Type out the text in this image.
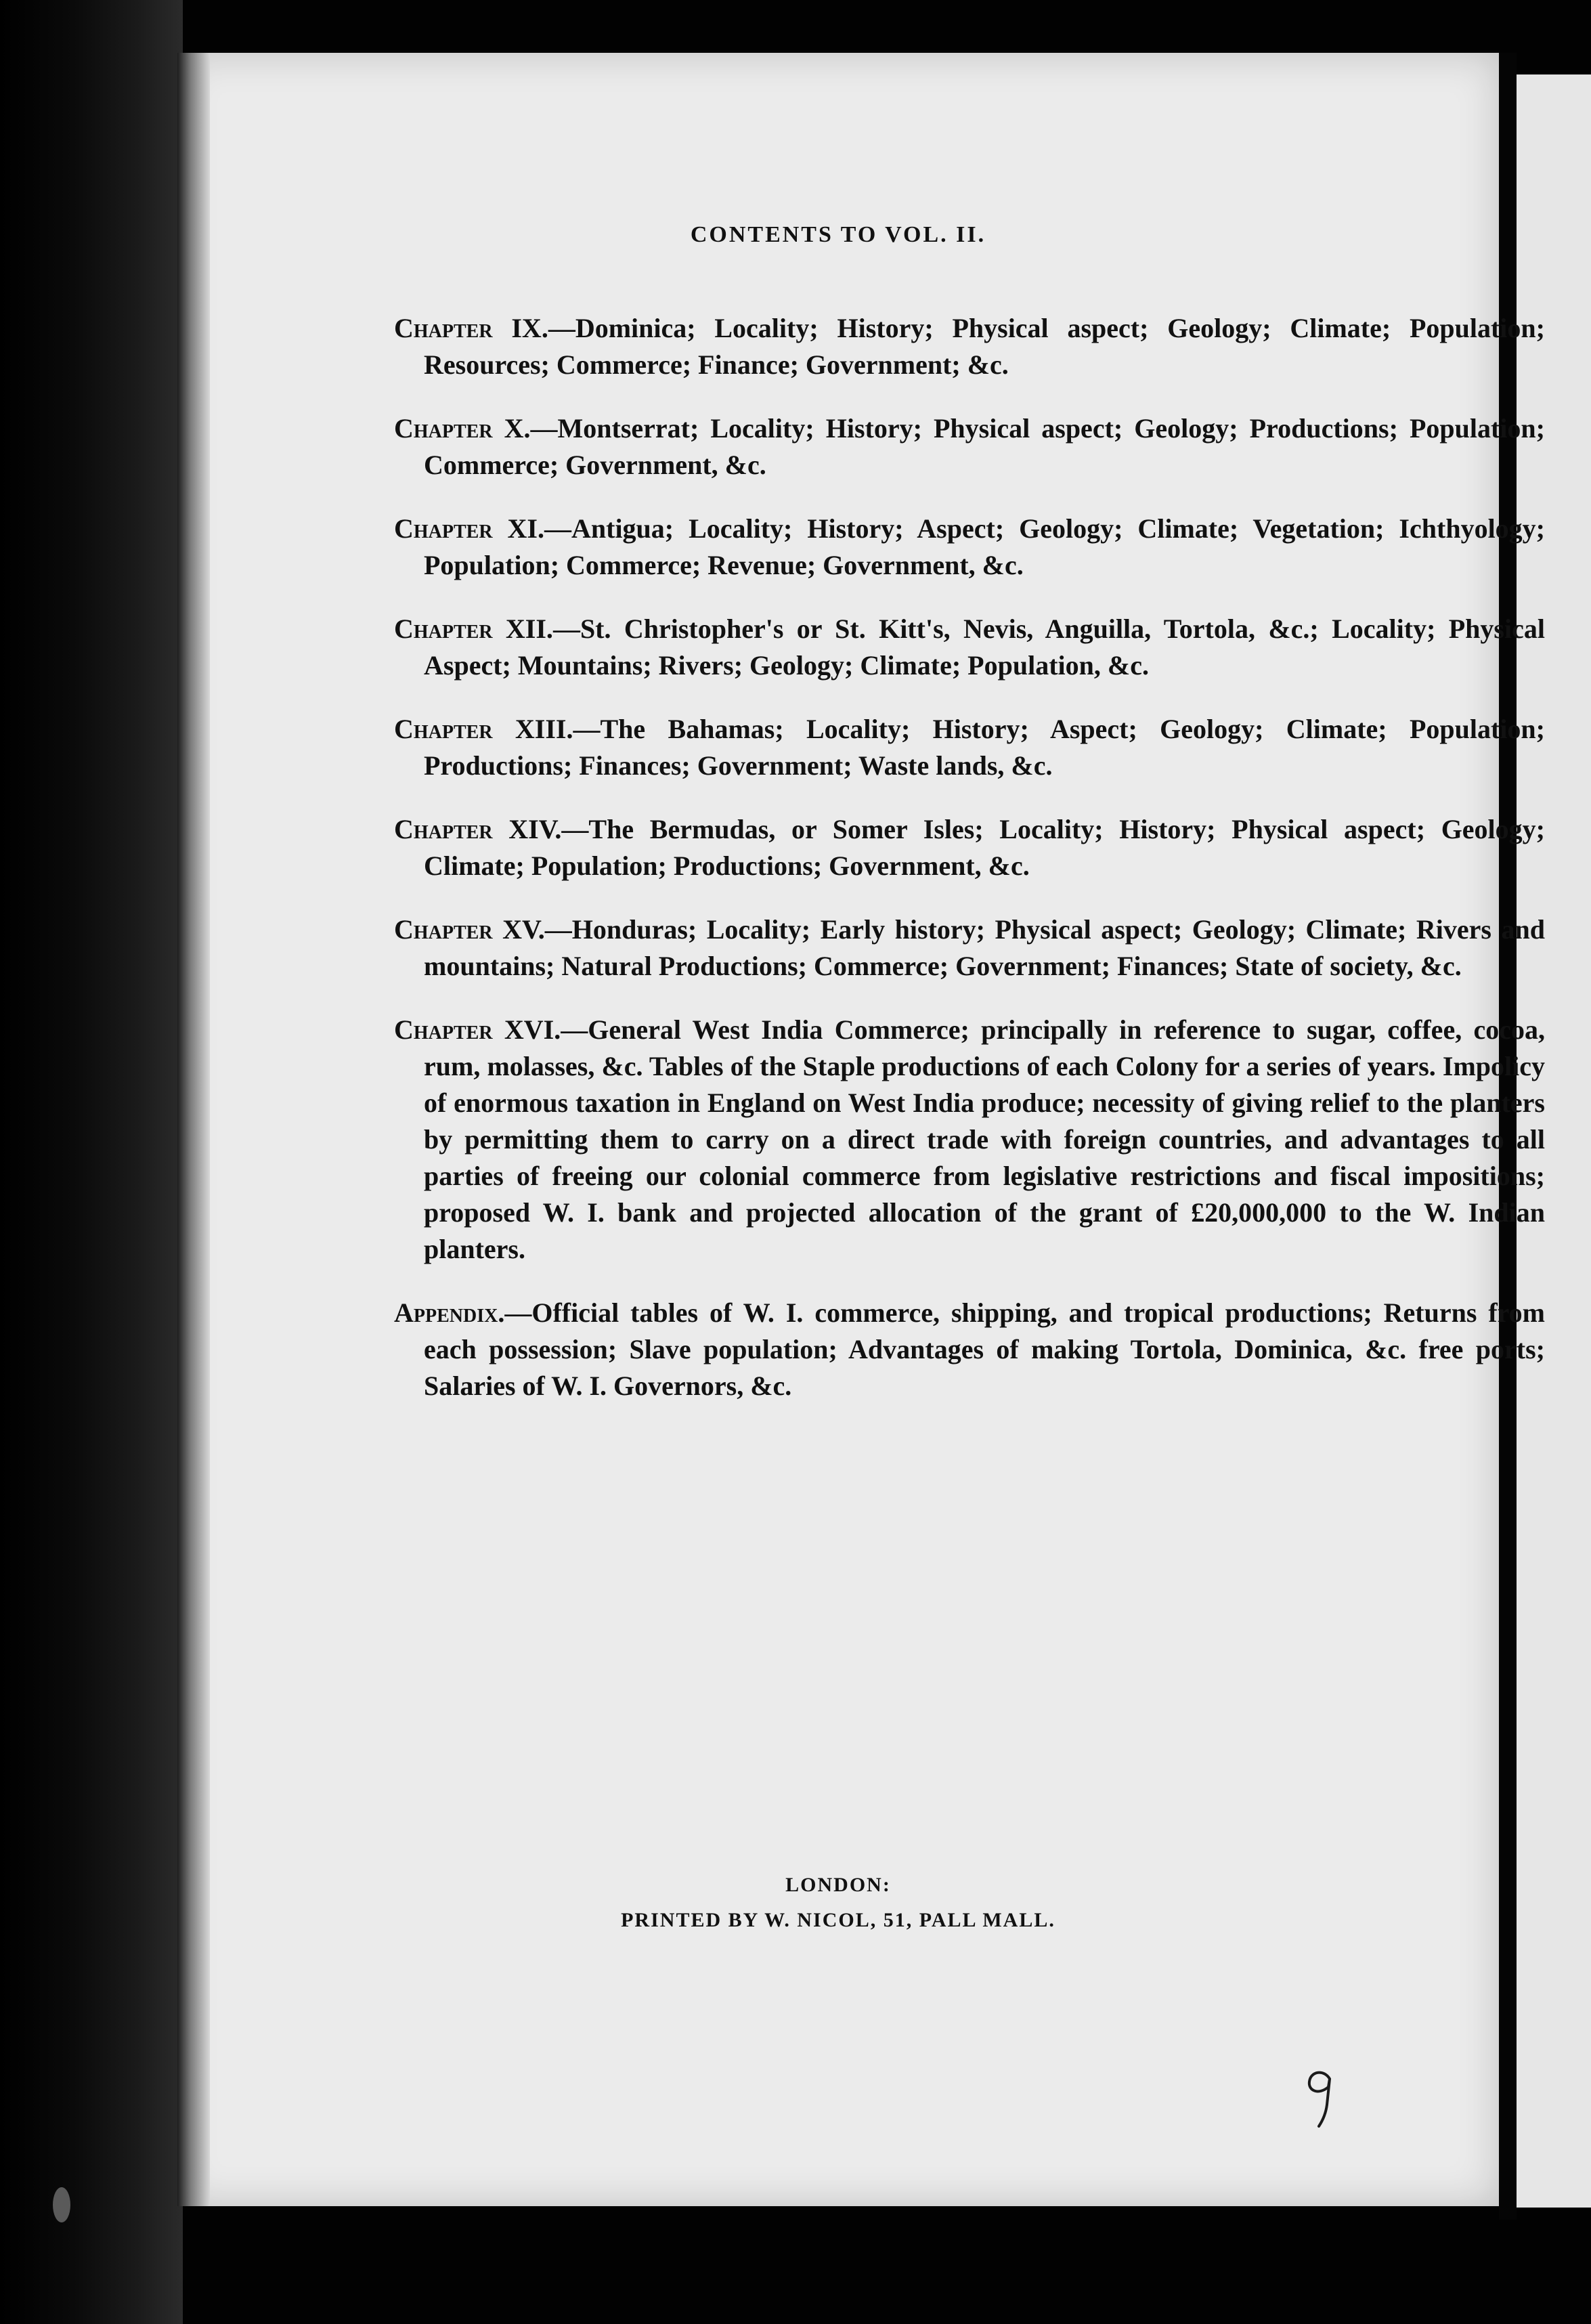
CONTENTS TO VOL. II.

Chapter IX.—Dominica; Locality; History; Physical aspect; Geology; Climate; Population; Resources; Commerce; Finance; Government; &c.

Chapter X.—Montserrat; Locality; History; Physical aspect; Geology; Productions; Population; Commerce; Government, &c.

Chapter XI.—Antigua; Locality; History; Aspect; Geology; Climate; Vegetation; Ichthyology; Population; Commerce; Revenue; Government, &c.

Chapter XII.—St. Christopher's or St. Kitt's, Nevis, Anguilla, Tortola, &c.; Locality; Physical Aspect; Mountains; Rivers; Geology; Climate; Population, &c.

Chapter XIII.—The Bahamas; Locality; History; Aspect; Geology; Climate; Population; Productions; Finances; Government; Waste lands, &c.

Chapter XIV.—The Bermudas, or Somer Isles; Locality; History; Physical aspect; Geology; Climate; Population; Productions; Government, &c.

Chapter XV.—Honduras; Locality; Early history; Physical aspect; Geology; Climate; Rivers and mountains; Natural Productions; Commerce; Government; Finances; State of society, &c.

Chapter XVI.—General West India Commerce; principally in reference to sugar, coffee, cocoa, rum, molasses, &c. Tables of the Staple productions of each Colony for a series of years. Impolicy of enormous taxation in England on West India produce; necessity of giving relief to the planters by permitting them to carry on a direct trade with foreign countries, and advantages to all parties of freeing our colonial commerce from legislative restrictions and fiscal impositions; proposed W. I. bank and projected allocation of the grant of £20,000,000 to the W. Indian planters.

Appendix.—Official tables of W. I. commerce, shipping, and tropical productions; Returns from each possession; Slave population; Advantages of making Tortola, Dominica, &c. free ports; Salaries of W. I. Governors, &c.

LONDON:
PRINTED BY W. NICOL, 51, PALL MALL.
